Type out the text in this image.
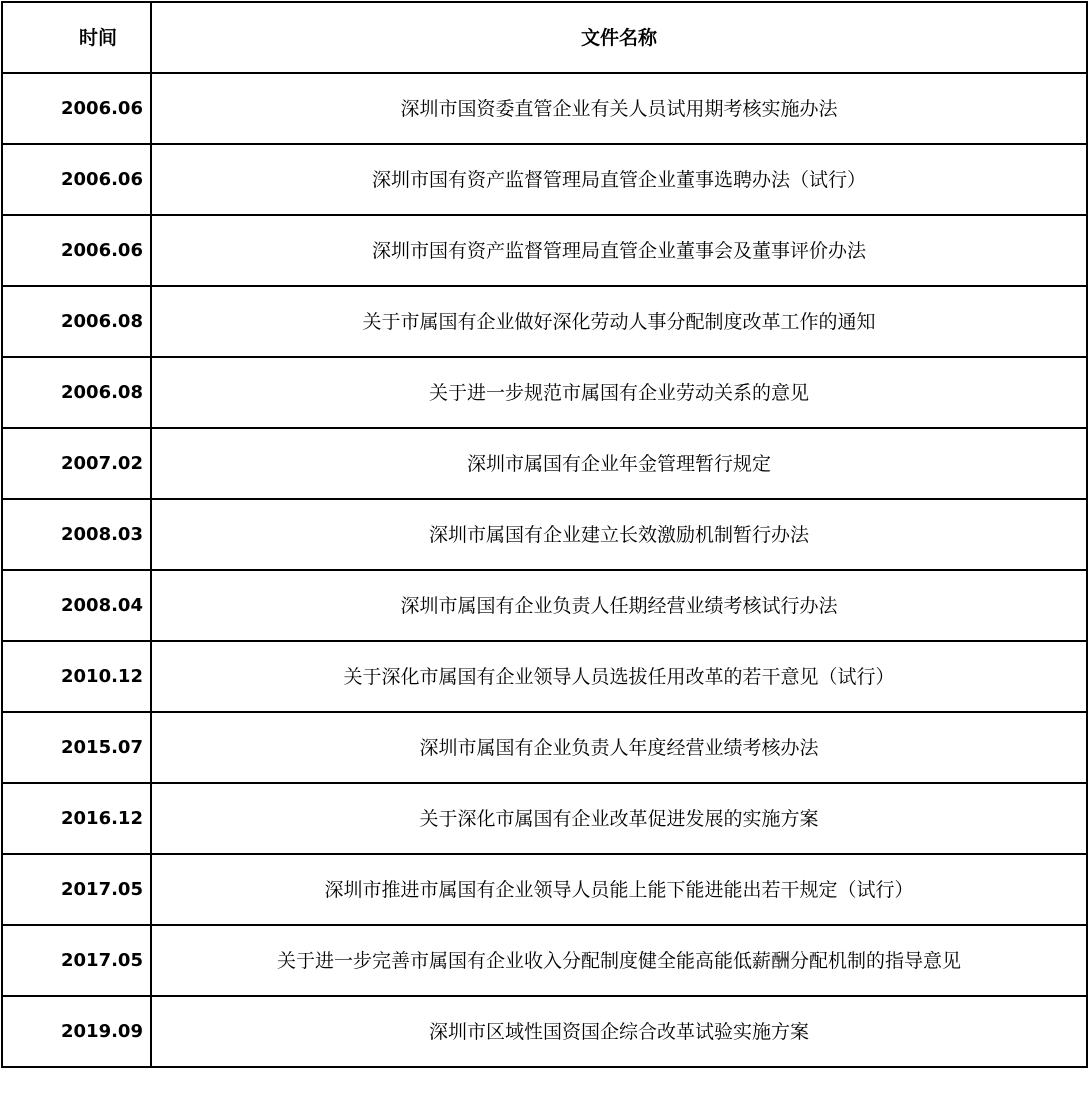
时间	文件名称
2006.06	深圳市国资委直管企业有关人员试用期考核实施办法
2006.06	深圳市国有资产监督管理局直管企业董事选聘办法（试行）
2006.06	深圳市国有资产监督管理局直管企业董事会及董事评价办法
2006.08	关于市属国有企业做好深化劳动人事分配制度改革工作的通知
2006.08	关于进一步规范市属国有企业劳动关系的意见
2007.02	深圳市属国有企业年金管理暂行规定
2008.03	深圳市属国有企业建立长效激励机制暂行办法
2008.04	深圳市属国有企业负责人任期经营业绩考核试行办法
2010.12	关于深化市属国有企业领导人员选拔任用改革的若干意见（试行）
2015.07	深圳市属国有企业负责人年度经营业绩考核办法
2016.12	关于深化市属国有企业改革促进发展的实施方案
2017.05	深圳市推进市属国有企业领导人员能上能下能进能出若干规定（试行）
2017.05	关于进一步完善市属国有企业收入分配制度健全能高能低薪酬分配机制的指导意见
2019.09	深圳市区域性国资国企综合改革试验实施方案
